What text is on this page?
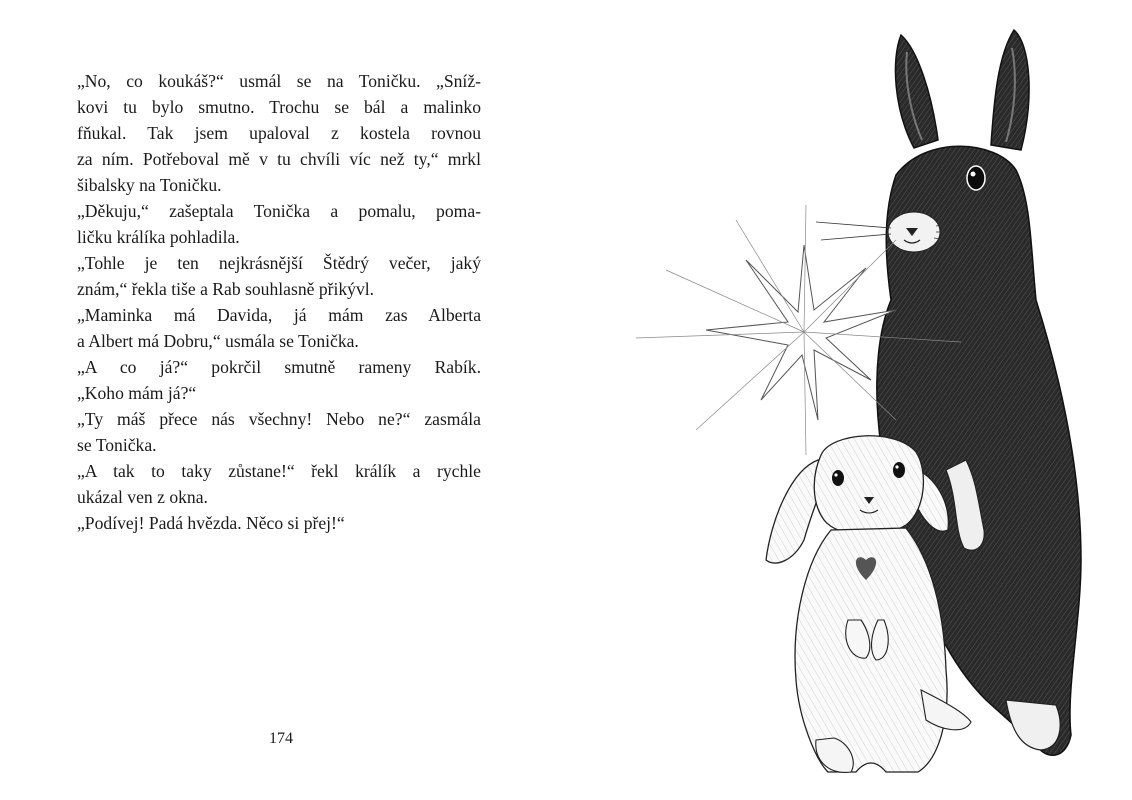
„No, co koukáš?“ usmál se na Toničku. „Sníž-
kovi tu bylo smutno. Trochu se bál a malinko
fňukal. Tak jsem upaloval z kostela rovnou
za ním. Potřeboval mě v tu chvíli víc než ty,“ mrkl
šibalsky na Toničku.

„Děkuju,“ zašeptala Tonička a pomalu, poma-
ličku králíka pohladila.

„Tohle je ten nejkrásnější Štědrý večer, jaký
znám,“ řekla tiše a Rab souhlasně přikývl.

„Maminka má Davida, já mám zas Alberta
a Albert má Dobru,“ usmála se Tonička.

„A co já?“ pokrčil smutně rameny Rabík.
„Koho mám já?“

„Ty máš přece nás všechny! Nebo ne?“ zasmála
se Tonička.

„A tak to taky zůstane!“ řekl králík a rychle
ukázal ven z okna.

„Podívej! Padá hvězda. Něco si přej!“

174
